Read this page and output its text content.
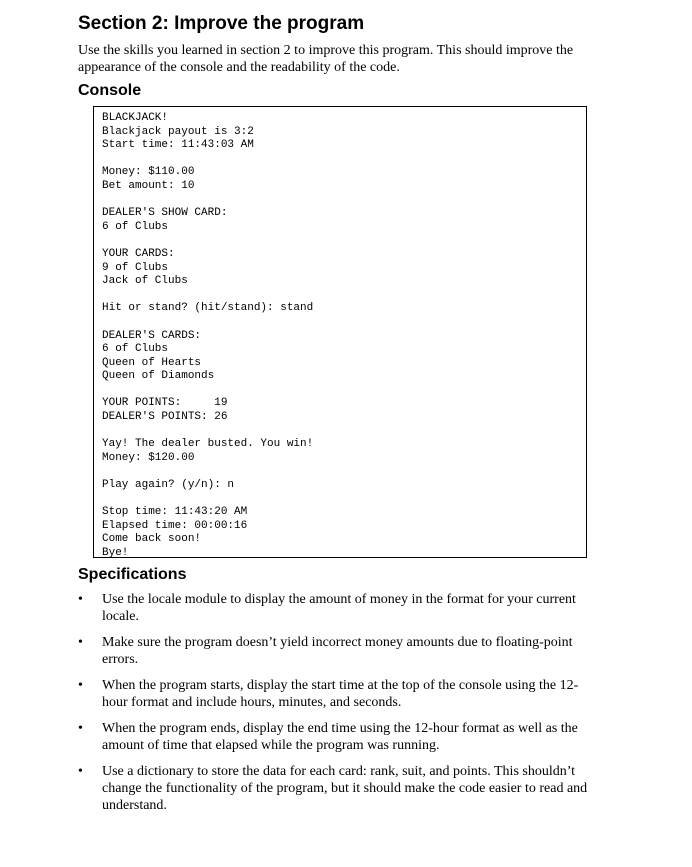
Section 2: Improve the program

Use the skills you learned in section 2 to improve this program. This should improve the appearance of the console and the readability of the code.

Console
BLACKJACK!
Blackjack payout is 3:2
Start time: 11:43:03 AM
Money: $110.00
Bet amount: 10
DEALER'S SHOW CARD:
6 of Clubs
YOUR CARDS:
9 of Clubs
Jack of Clubs
Hit or stand? (hit/stand): stand
DEALER'S CARDS:
6 of Clubs
Queen of Hearts
Queen of Diamonds
YOUR POINTS:     19
DEALER'S POINTS: 26
Yay! The dealer busted. You win!
Money: $120.00
Play again? (y/n): n
Stop time: 11:43:20 AM
Elapsed time: 00:00:16
Come back soon!
Bye!
Specifications
•	Use the locale module to display the amount of money in the format for your current locale.
•	Make sure the program doesn’t yield incorrect money amounts due to floating-point errors.
•	When the program starts, display the start time at the top of the console using the 12-hour format and include hours, minutes, and seconds.
•	When the program ends, display the end time using the 12-hour format as well as the amount of time that elapsed while the program was running.
•	Use a dictionary to store the data for each card: rank, suit, and points. This shouldn’t change the functionality of the program, but it should make the code easier to read and understand.
